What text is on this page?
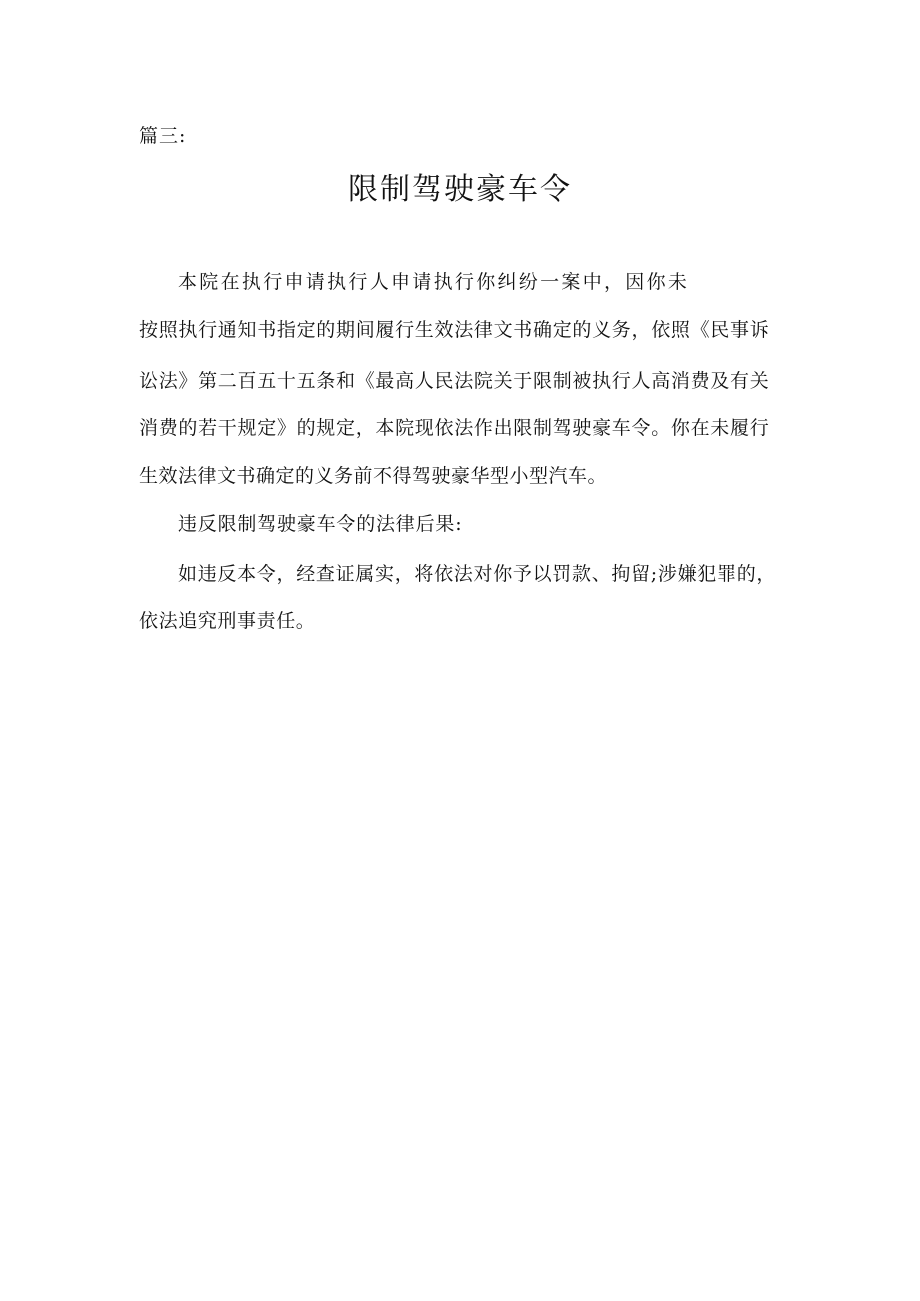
篇三:
限制驾驶豪车令
本院在执行申请执行人申请执行你纠纷一案中，因你未
按照执行通知书指定的期间履行生效法律文书确定的义务，依照《民事诉
讼法》第二百五十五条和《最高人民法院关于限制被执行人高消费及有关
消费的若干规定》的规定，本院现依法作出限制驾驶豪车令。你在未履行
生效法律文书确定的义务前不得驾驶豪华型小型汽车。
违反限制驾驶豪车令的法律后果:
如违反本令，经查证属实，将依法对你予以罚款、拘留;涉嫌犯罪的，
依法追究刑事责任。
